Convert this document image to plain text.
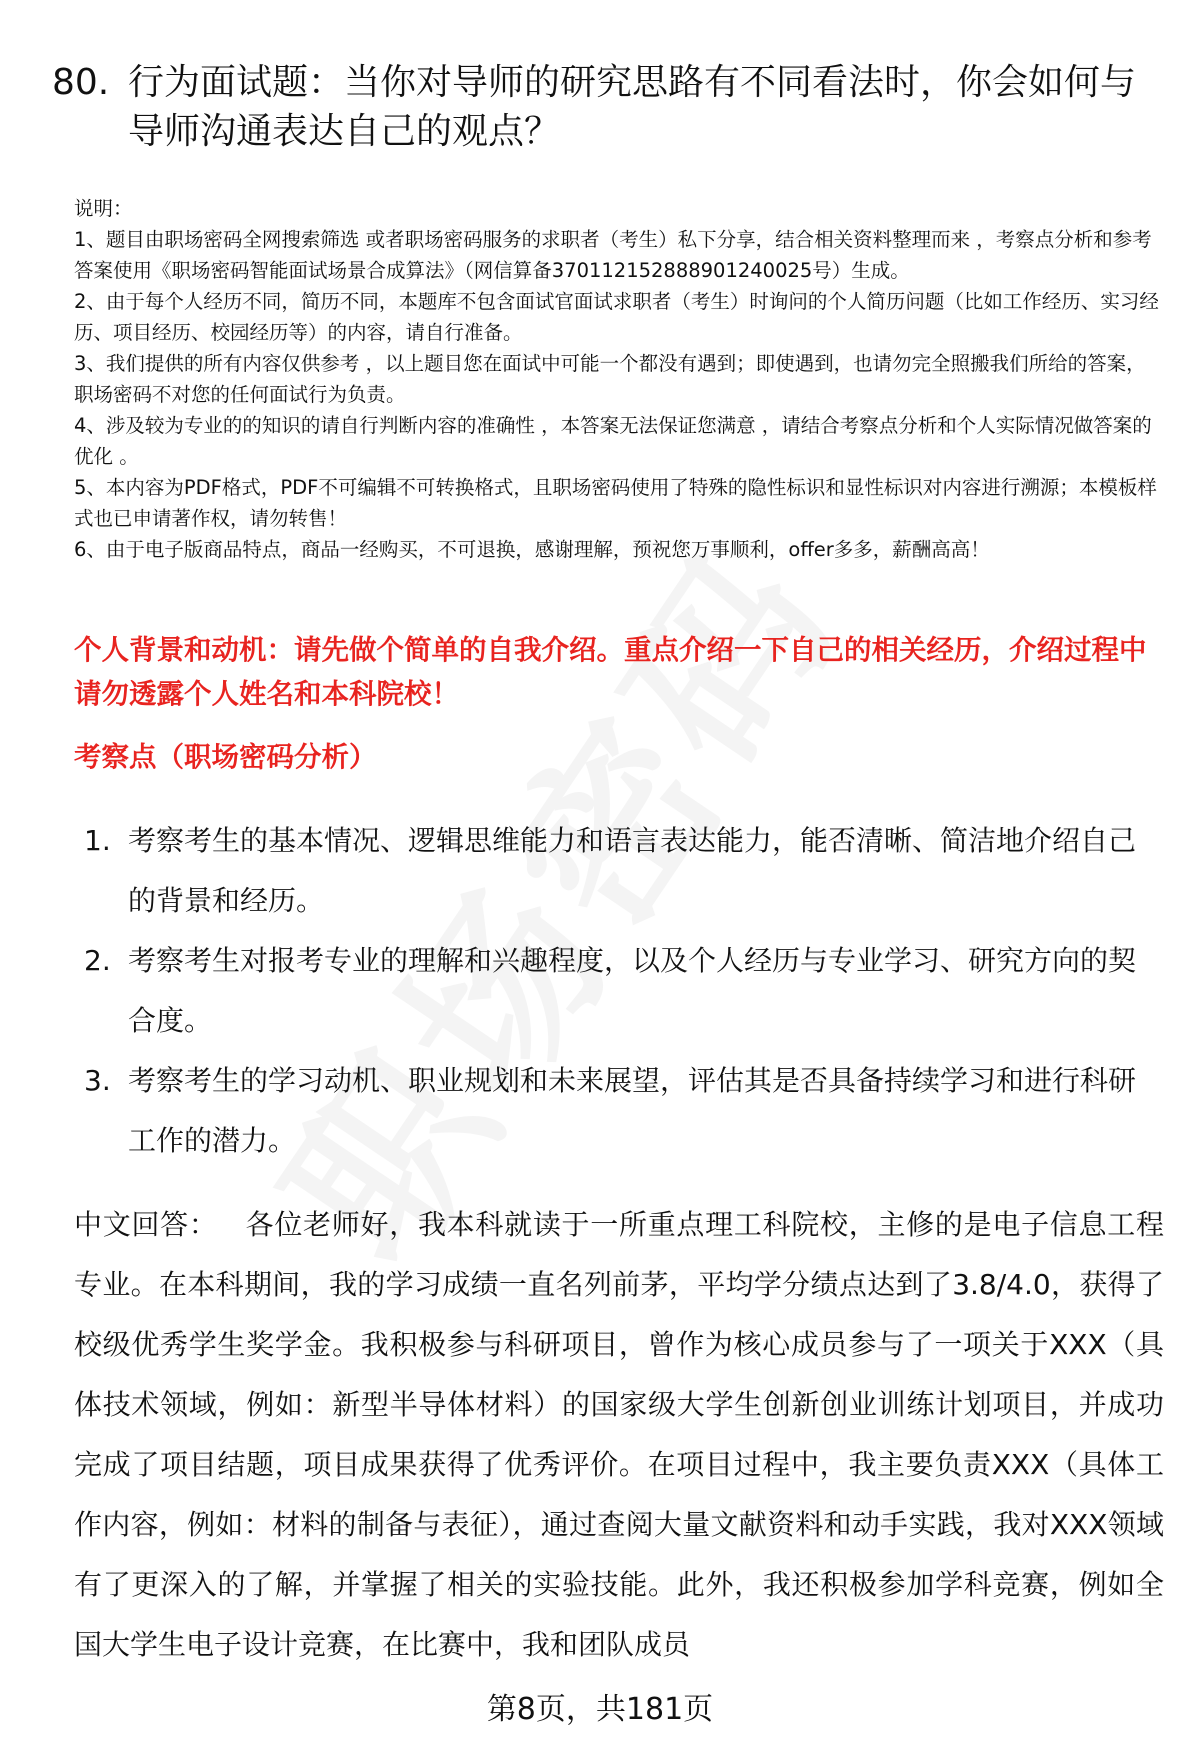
80. 行为面试题：当你对导师的研究思路有不同看法时，你会如何与导师沟通表达自己的观点？

说明：

1、题目由职场密码全网搜索筛选 或者职场密码服务的求职者（考生）私下分享，结合相关资料整理而来 ，考察点分析和参考答案使用《职场密码智能面试场景合成算法》（网信算备370112152888901240025号）生成。

2、由于每个人经历不同，简历不同，本题库不包含面试官面试求职者（考生）时询问的个人简历问题（比如工作经历、实习经历、项目经历、校园经历等）的内容，请自行准备。

3、我们提供的所有内容仅供参考 ，以上题目您在面试中可能一个都没有遇到；即使遇到，也请勿完全照搬我们所给的答案，职场密码不对您的任何面试行为负责。

4、涉及较为专业的的知识的请自行判断内容的准确性 ，本答案无法保证您满意 ，请结合考察点分析和个人实际情况做答案的优化 。

5、本内容为PDF格式，PDF不可编辑不可转换格式，且职场密码使用了特殊的隐性标识和显性标识对内容进行溯源；本模板样式也已申请著作权，请勿转售！

6、由于电子版商品特点，商品一经购买，不可退换，感谢理解，预祝您万事顺利，offer多多，薪酬高高！

个人背景和动机：请先做个简单的自我介绍。重点介绍一下自己的相关经历，介绍过程中请勿透露个人姓名和本科院校！
考察点（职场密码分析）
1. 考察考生的基本情况、逻辑思维能力和语言表达能力，能否清晰、简洁地介绍自己的背景和经历。
2. 考察考生对报考专业的理解和兴趣程度，以及个人经历与专业学习、研究方向的契合度。
3. 考察考生的学习动机、职业规划和未来展望，评估其是否具备持续学习和进行科研工作的潜力。
中文回答： 各位老师好，我本科就读于一所重点理工科院校，主修的是电子信息工程专业。在本科期间，我的学习成绩一直名列前茅，平均学分绩点达到了3.8/4.0，获得了校级优秀学生奖学金。我积极参与科研项目，曾作为核心成员参与了一项关于XXX（具体技术领域，例如：新型半导体材料）的国家级大学生创新创业训练计划项目，并成功完成了项目结题，项目成果获得了优秀评价。在项目过程中，我主要负责XXX（具体工作内容，例如：材料的制备与表征），通过查阅大量文献资料和动手实践，我对XXX领域有了更深入的了解，并掌握了相关的实验技能。此外，我还积极参加学科竞赛，例如全国大学生电子设计竞赛，在比赛中，我和团队成员
第8页，共181页
